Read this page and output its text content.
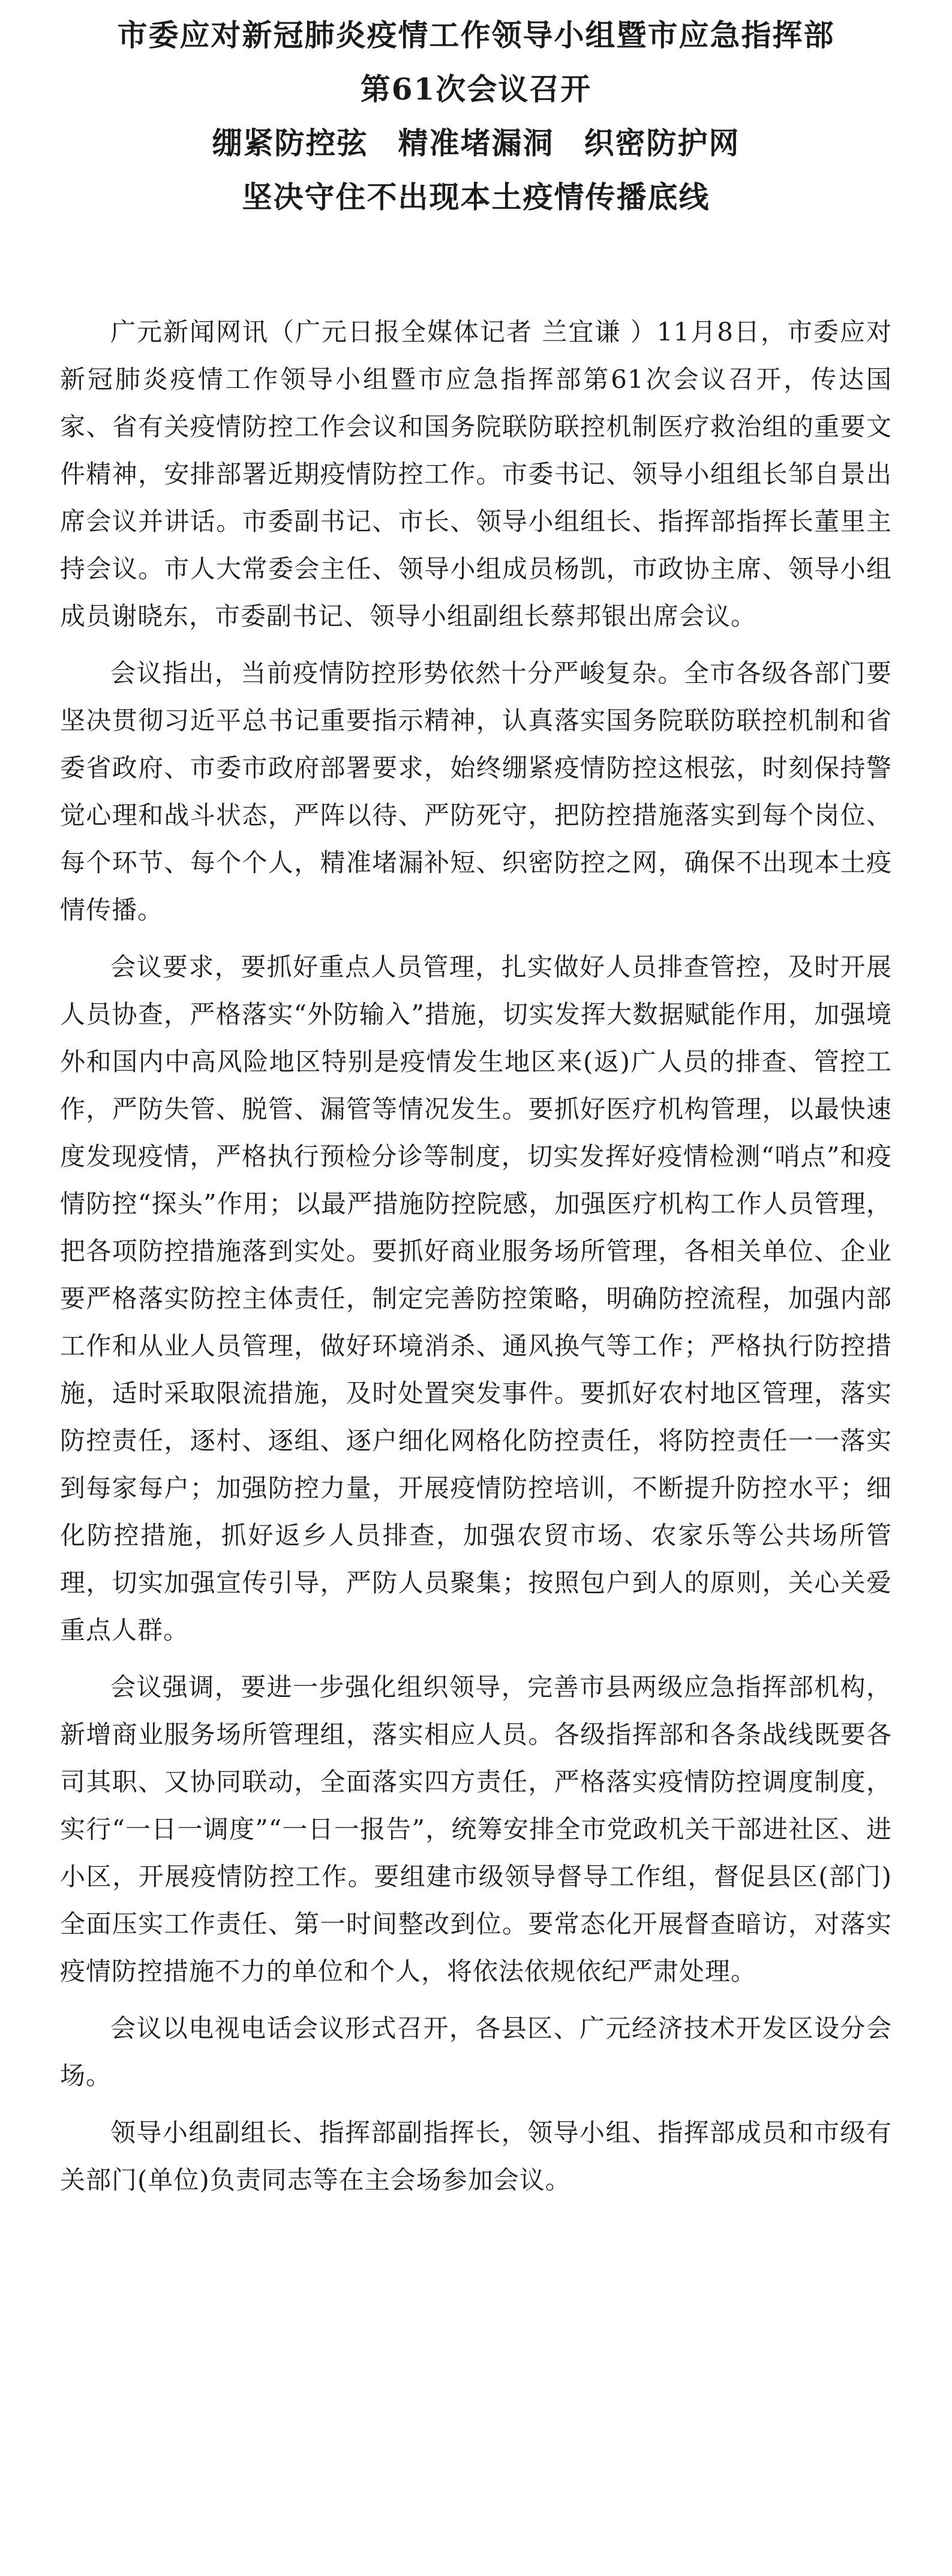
市委应对新冠肺炎疫情工作领导小组暨市应急指挥部
第61次会议召开
绷紧防控弦 精准堵漏洞 织密防护网
坚决守住不出现本土疫情传播底线

广元新闻网讯（广元日报全媒体记者 兰宜谦 ）11月8日，市委应对新冠肺炎疫情工作领导小组暨市应急指挥部第61次会议召开，传达国家、省有关疫情防控工作会议和国务院联防联控机制医疗救治组的重要文件精神，安排部署近期疫情防控工作。市委书记、领导小组组长邹自景出席会议并讲话。市委副书记、市长、领导小组组长、指挥部指挥长董里主持会议。市人大常委会主任、领导小组成员杨凯，市政协主席、领导小组成员谢晓东，市委副书记、领导小组副组长蔡邦银出席会议。

会议指出，当前疫情防控形势依然十分严峻复杂。全市各级各部门要坚决贯彻习近平总书记重要指示精神，认真落实国务院联防联控机制和省委省政府、市委市政府部署要求，始终绷紧疫情防控这根弦，时刻保持警觉心理和战斗状态，严阵以待、严防死守，把防控措施落实到每个岗位、每个环节、每个个人，精准堵漏补短、织密防控之网，确保不出现本土疫情传播。

会议要求，要抓好重点人员管理，扎实做好人员排查管控，及时开展人员协查，严格落实“外防输入”措施，切实发挥大数据赋能作用，加强境外和国内中高风险地区特别是疫情发生地区来(返)广人员的排查、管控工作，严防失管、脱管、漏管等情况发生。要抓好医疗机构管理，以最快速度发现疫情，严格执行预检分诊等制度，切实发挥好疫情检测“哨点”和疫情防控“探头”作用；以最严措施防控院感，加强医疗机构工作人员管理，把各项防控措施落到实处。要抓好商业服务场所管理，各相关单位、企业要严格落实防控主体责任，制定完善防控策略，明确防控流程，加强内部工作和从业人员管理，做好环境消杀、通风换气等工作；严格执行防控措施，适时采取限流措施，及时处置突发事件。要抓好农村地区管理，落实防控责任，逐村、逐组、逐户细化网格化防控责任，将防控责任一一落实到每家每户；加强防控力量，开展疫情防控培训，不断提升防控水平；细化防控措施，抓好返乡人员排查，加强农贸市场、农家乐等公共场所管理，切实加强宣传引导，严防人员聚集；按照包户到人的原则，关心关爱重点人群。

会议强调，要进一步强化组织领导，完善市县两级应急指挥部机构，新增商业服务场所管理组，落实相应人员。各级指挥部和各条战线既要各司其职、又协同联动，全面落实四方责任，严格落实疫情防控调度制度，实行“一日一调度”“一日一报告”，统筹安排全市党政机关干部进社区、进小区，开展疫情防控工作。要组建市级领导督导工作组，督促县区(部门)全面压实工作责任、第一时间整改到位。要常态化开展督查暗访，对落实疫情防控措施不力的单位和个人，将依法依规依纪严肃处理。

会议以电视电话会议形式召开，各县区、广元经济技术开发区设分会场。

领导小组副组长、指挥部副指挥长，领导小组、指挥部成员和市级有关部门(单位)负责同志等在主会场参加会议。
